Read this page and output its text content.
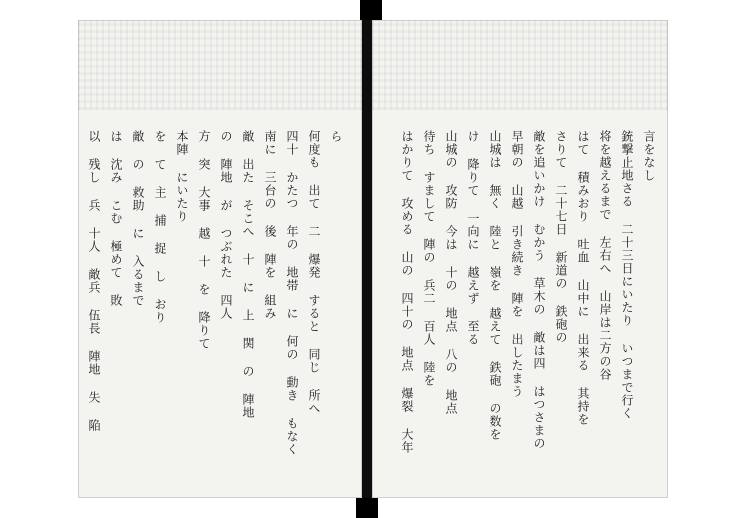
ら
何度も 出て 二 爆発 すると 同じ 所へ
四十 かたつ 年の 地帯 に 何の 動き もなく
南に 三台の 後 陣を 組み
敵 出た そこへ 十 に 上 関 の 陣地
の 陣地 が つぶれた 四人
方 突 大事 越 十 を 降りて
本陣 にいたり
を て 主 捕 捉 し おり
敵 の 救助 に 入るまで
は 沈み こむ 極めて 敗
以 残し 兵 十人 敵兵 伍長 陣地 失 陥	言をなし
銃撃止地さる 二十三日にいたり いつまで行く
将を越えるまで 左右へ 山岸は二方の谷
はて 積みおり 吐血 山中に 出来る 其持を
さりて 二十七日 新道の 鉄砲の
敵を追いかけ むかう 草木の 敵は四 はつさまの
早朝の 山越 引き続き 陣を 出したまう
山城は 無く 陸と 嶺を 越えて 鉄砲 の数を
け 降りて 一向に 越えず 至る
山城の 攻防 今は 十の 地点 八の 地点
待ち すまして 陣の 兵二 百人 陸を
はかりて 攻める 山の 四十の 地点 爆裂 大年
